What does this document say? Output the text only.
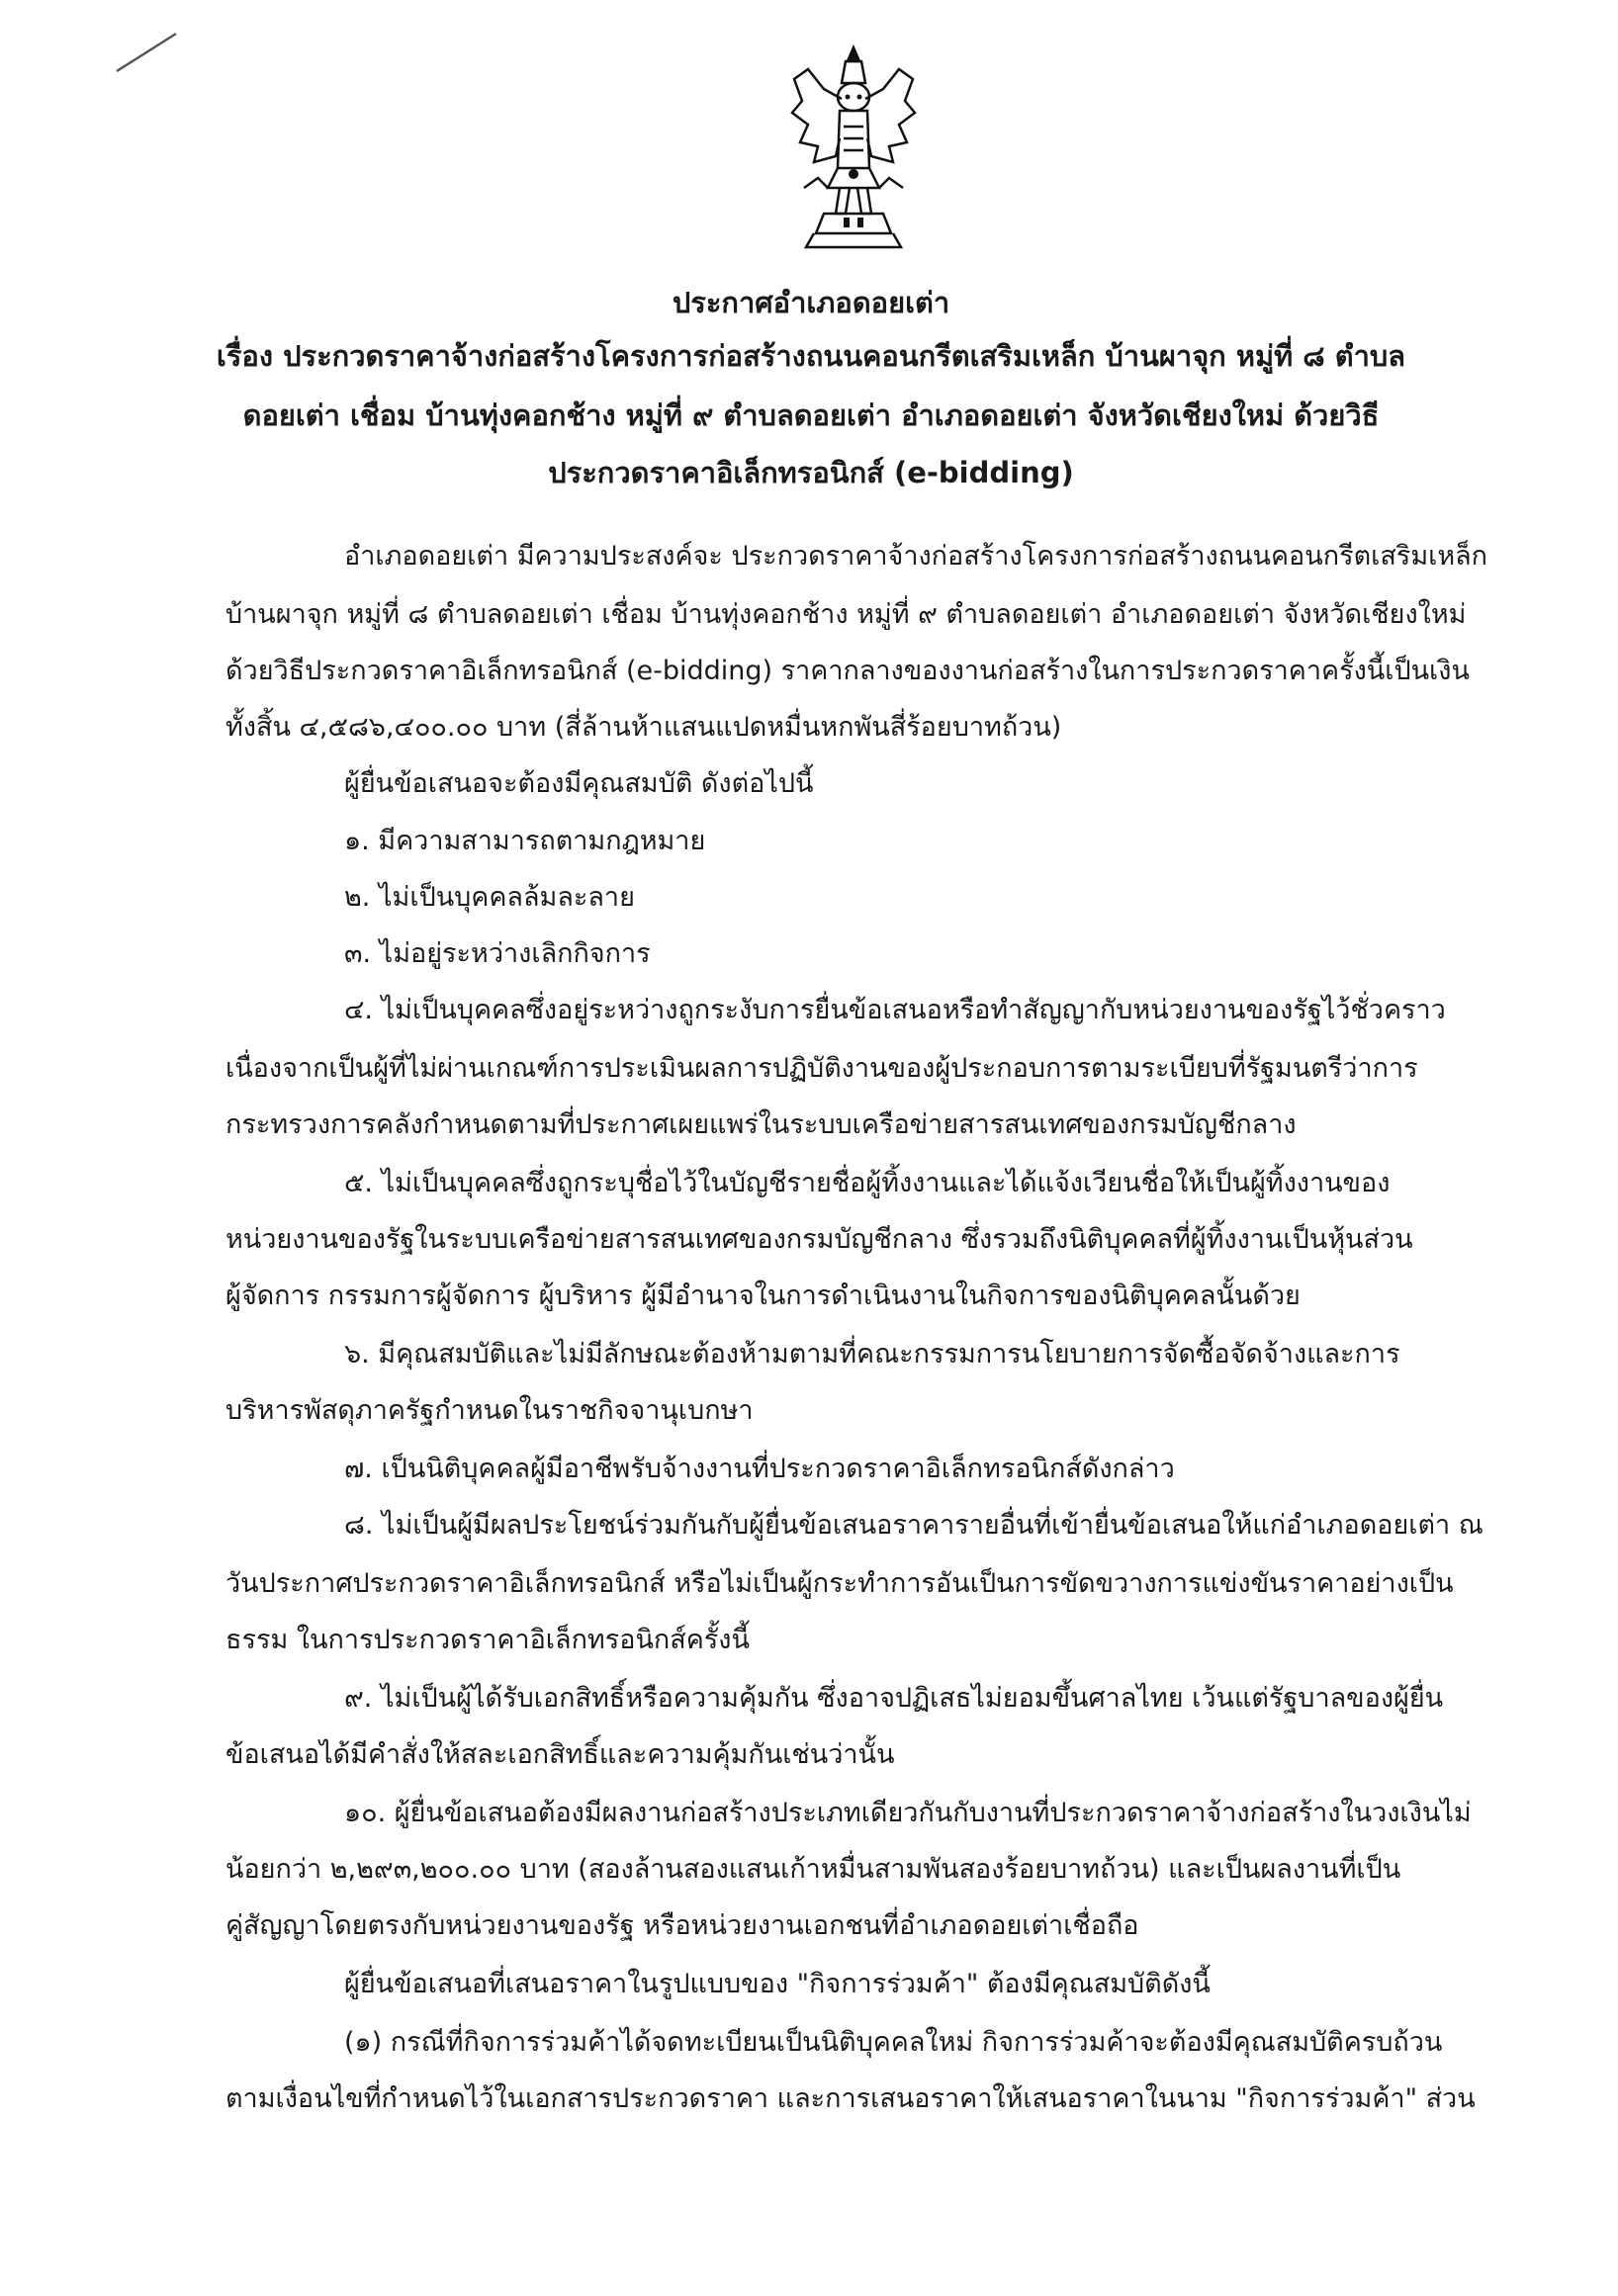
ประกาศอำเภอดอยเต่า
เรื่อง ประกวดราคาจ้างก่อสร้างโครงการก่อสร้างถนนคอนกรีตเสริมเหล็ก บ้านผาจุก หมู่ที่ ๘ ตำบล
ดอยเต่า เชื่อม บ้านทุ่งคอกช้าง หมู่ที่ ๙ ตำบลดอยเต่า อำเภอดอยเต่า จังหวัดเชียงใหม่ ด้วยวิธี
ประกวดราคาอิเล็กทรอนิกส์ (e-bidding)
อำเภอดอยเต่า มีความประสงค์จะ ประกวดราคาจ้างก่อสร้างโครงการก่อสร้างถนนคอนกรีตเสริมเหล็ก
บ้านผาจุก หมู่ที่ ๘ ตำบลดอยเต่า เชื่อม บ้านทุ่งคอกช้าง หมู่ที่ ๙ ตำบลดอยเต่า อำเภอดอยเต่า จังหวัดเชียงใหม่
ด้วยวิธีประกวดราคาอิเล็กทรอนิกส์ (e-bidding) ราคากลางของงานก่อสร้างในการประกวดราคาครั้งนี้เป็นเงิน
ทั้งสิ้น ๔,๕๘๖,๔๐๐.๐๐ บาท (สี่ล้านห้าแสนแปดหมื่นหกพันสี่ร้อยบาทถ้วน)
ผู้ยื่นข้อเสนอจะต้องมีคุณสมบัติ ดังต่อไปนี้
๑. มีความสามารถตามกฎหมาย
๒. ไม่เป็นบุคคลล้มละลาย
๓. ไม่อยู่ระหว่างเลิกกิจการ
๔. ไม่เป็นบุคคลซึ่งอยู่ระหว่างถูกระงับการยื่นข้อเสนอหรือทำสัญญากับหน่วยงานของรัฐไว้ชั่วคราว
เนื่องจากเป็นผู้ที่ไม่ผ่านเกณฑ์การประเมินผลการปฏิบัติงานของผู้ประกอบการตามระเบียบที่รัฐมนตรีว่าการ
กระทรวงการคลังกำหนดตามที่ประกาศเผยแพร่ในระบบเครือข่ายสารสนเทศของกรมบัญชีกลาง
๕. ไม่เป็นบุคคลซึ่งถูกระบุชื่อไว้ในบัญชีรายชื่อผู้ทิ้งงานและได้แจ้งเวียนชื่อให้เป็นผู้ทิ้งงานของ
หน่วยงานของรัฐในระบบเครือข่ายสารสนเทศของกรมบัญชีกลาง ซึ่งรวมถึงนิติบุคคลที่ผู้ทิ้งงานเป็นหุ้นส่วน
ผู้จัดการ กรรมการผู้จัดการ ผู้บริหาร ผู้มีอำนาจในการดำเนินงานในกิจการของนิติบุคคลนั้นด้วย
๖. มีคุณสมบัติและไม่มีลักษณะต้องห้ามตามที่คณะกรรมการนโยบายการจัดซื้อจัดจ้างและการ
บริหารพัสดุภาครัฐกำหนดในราชกิจจานุเบกษา
๗. เป็นนิติบุคคลผู้มีอาชีพรับจ้างงานที่ประกวดราคาอิเล็กทรอนิกส์ดังกล่าว
๘. ไม่เป็นผู้มีผลประโยชน์ร่วมกันกับผู้ยื่นข้อเสนอราคารายอื่นที่เข้ายื่นข้อเสนอให้แก่อำเภอดอยเต่า ณ
วันประกาศประกวดราคาอิเล็กทรอนิกส์ หรือไม่เป็นผู้กระทำการอันเป็นการขัดขวางการแข่งขันราคาอย่างเป็น
ธรรม ในการประกวดราคาอิเล็กทรอนิกส์ครั้งนี้
๙. ไม่เป็นผู้ได้รับเอกสิทธิ์หรือความคุ้มกัน ซึ่งอาจปฏิเสธไม่ยอมขึ้นศาลไทย เว้นแต่รัฐบาลของผู้ยื่น
ข้อเสนอได้มีคำสั่งให้สละเอกสิทธิ์และความคุ้มกันเช่นว่านั้น
๑๐. ผู้ยื่นข้อเสนอต้องมีผลงานก่อสร้างประเภทเดียวกันกับงานที่ประกวดราคาจ้างก่อสร้างในวงเงินไม่
น้อยกว่า ๒,๒๙๓,๒๐๐.๐๐ บาท (สองล้านสองแสนเก้าหมื่นสามพันสองร้อยบาทถ้วน) และเป็นผลงานที่เป็น
คู่สัญญาโดยตรงกับหน่วยงานของรัฐ หรือหน่วยงานเอกชนที่อำเภอดอยเต่าเชื่อถือ
ผู้ยื่นข้อเสนอที่เสนอราคาในรูปแบบของ "กิจการร่วมค้า" ต้องมีคุณสมบัติดังนี้
(๑) กรณีที่กิจการร่วมค้าได้จดทะเบียนเป็นนิติบุคคลใหม่ กิจการร่วมค้าจะต้องมีคุณสมบัติครบถ้วน
ตามเงื่อนไขที่กำหนดไว้ในเอกสารประกวดราคา และการเสนอราคาให้เสนอราคาในนาม "กิจการร่วมค้า" ส่วน
